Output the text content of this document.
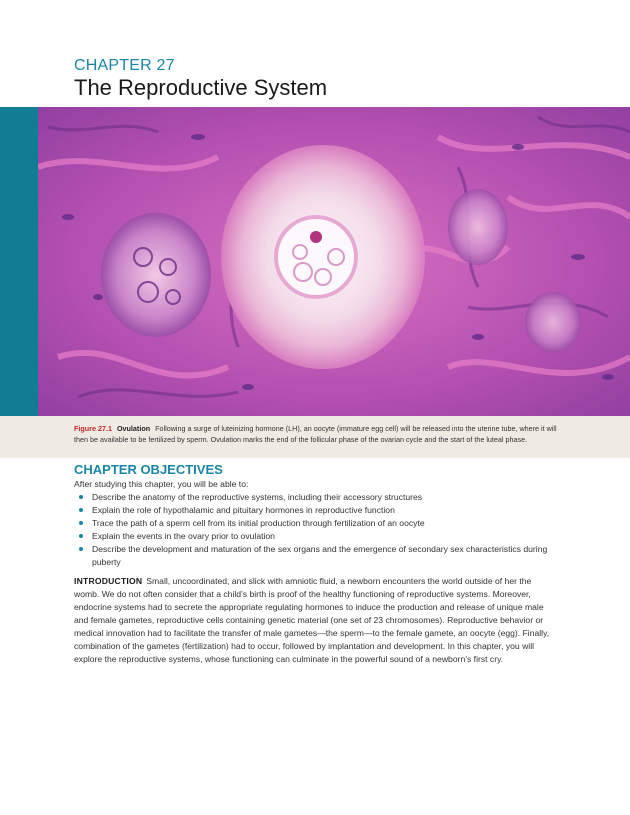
CHAPTER 27
The Reproductive System
Figure 27.1 Ovulation Following a surge of luteinizing hormone (LH), an oocyte (immature egg cell) will be released into the uterine tube, where it will then be available to be fertilized by sperm. Ovulation marks the end of the follicular phase of the ovarian cycle and the start of the luteal phase.
CHAPTER OBJECTIVES
After studying this chapter, you will be able to:
Describe the anatomy of the reproductive systems, including their accessory structures
Explain the role of hypothalamic and pituitary hormones in reproductive function
Trace the path of a sperm cell from its initial production through fertilization of an oocyte
Explain the events in the ovary prior to ovulation
Describe the development and maturation of the sex organs and the emergence of secondary sex characteristics during puberty

INTRODUCTION Small, uncoordinated, and slick with amniotic fluid, a newborn encounters the world outside of her the womb. We do not often consider that a child’s birth is proof of the healthy functioning of reproductive systems. Moreover, endocrine systems had to secrete the appropriate regulating hormones to induce the production and release of unique male and female gametes, reproductive cells containing genetic material (one set of 23 chromosomes). Reproductive behavior or medical innovation had to facilitate the transfer of male gametes—the sperm—to the female gamete, an oocyte (egg). Finally, combination of the gametes (fertilization) had to occur, followed by implantation and development. In this chapter, you will explore the reproductive systems, whose functioning can culminate in the powerful sound of a newborn’s first cry.
